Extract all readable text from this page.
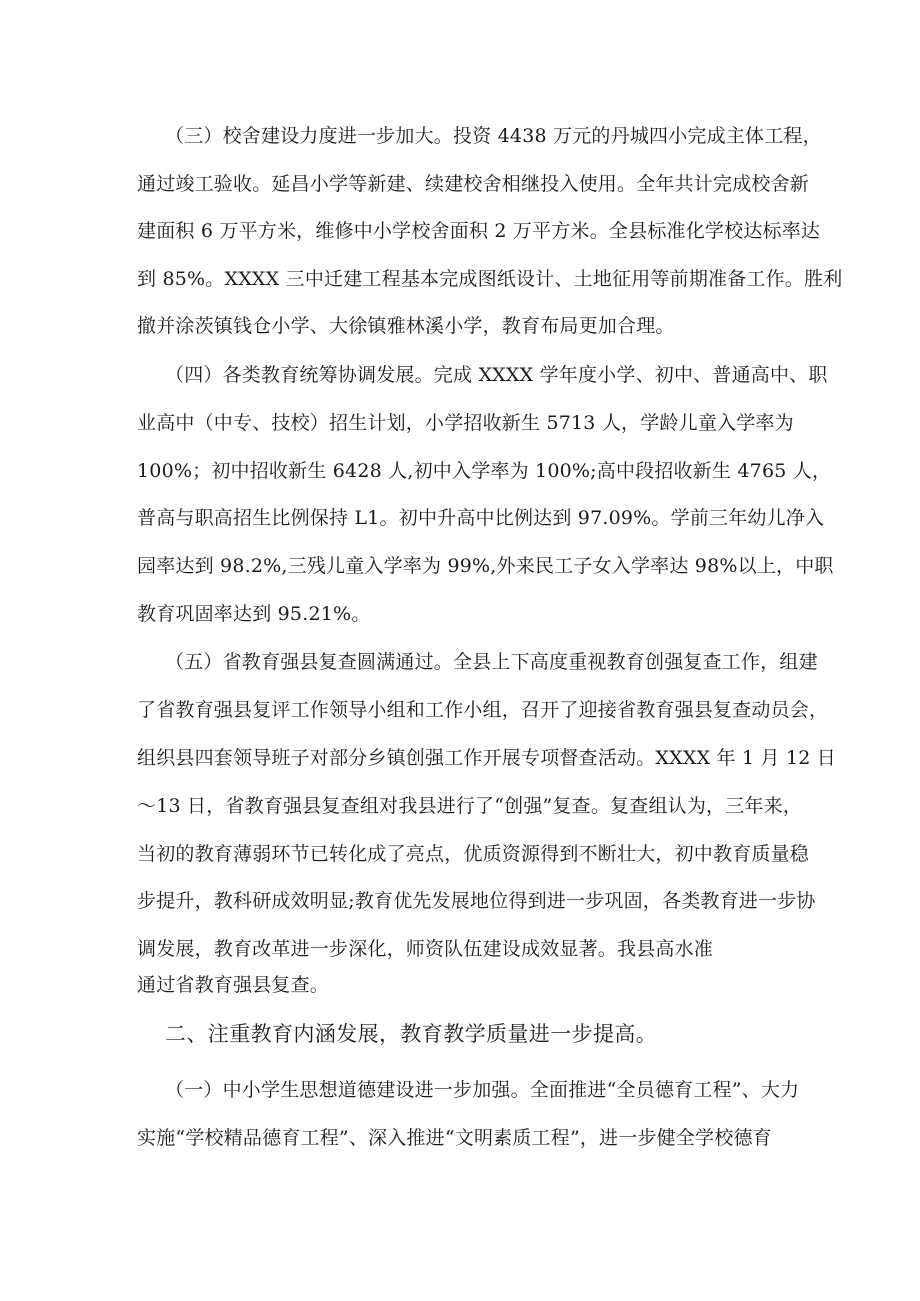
（三）校舍建设力度进一步加大。投资 4438 万元的丹城四小完成主体工程，
通过竣工验收。延昌小学等新建、续建校舍相继投入使用。全年共计完成校舍新
建面积 6 万平方米，维修中小学校舍面积 2 万平方米。全县标准化学校达标率达
到 85%。XXXX 三中迁建工程基本完成图纸设计、土地征用等前期准备工作。胜利
撤并涂茨镇钱仓小学、大徐镇雅林溪小学，教育布局更加合理。
（四）各类教育统筹协调发展。完成 XXXX 学年度小学、初中、普通高中、职
业高中（中专、技校）招生计划，小学招收新生 5713 人，学龄儿童入学率为
100%；初中招收新生 6428 人,初中入学率为 100%;高中段招收新生 4765 人，
普高与职高招生比例保持 L1。初中升高中比例达到 97.09%。学前三年幼儿净入
园率达到 98.2%,三残儿童入学率为 99%,外来民工子女入学率达 98%以上，中职
教育巩固率达到 95.21%。
（五）省教育强县复查圆满通过。全县上下高度重视教育创强复查工作，组建
了省教育强县复评工作领导小组和工作小组，召开了迎接省教育强县复查动员会，
组织县四套领导班子对部分乡镇创强工作开展专项督查活动。XXXX 年 1 月 12 日
～13 日，省教育强县复查组对我县进行了“创强”复查。复查组认为，三年来，
当初的教育薄弱环节已转化成了亮点，优质资源得到不断壮大，初中教育质量稳
步提升，教科研成效明显;教育优先发展地位得到进一步巩固，各类教育进一步协
调发展，教育改革进一步深化，师资队伍建设成效显著。我县高水准
通过省教育强县复查。
二、注重教育内涵发展，教育教学质量进一步提高。
（一）中小学生思想道德建设进一步加强。全面推进“全员德育工程”、大力
实施“学校精品德育工程”、深入推进“文明素质工程”，进一步健全学校德育
